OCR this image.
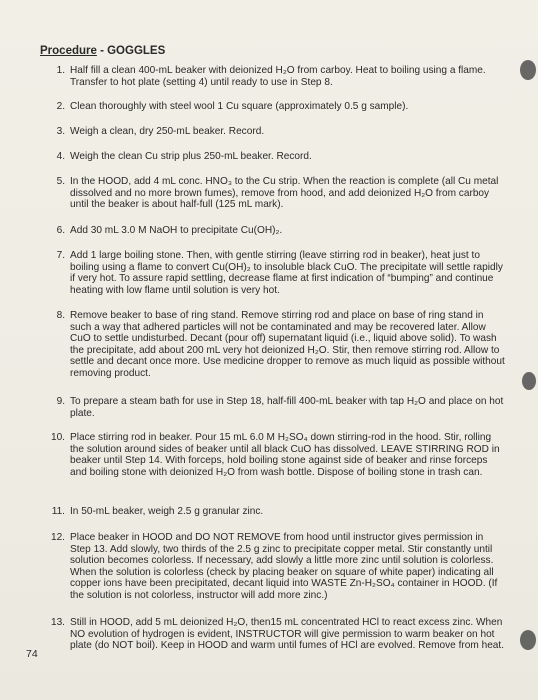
Procedure - GOGGLES
1. Half fill a clean 400-mL beaker with deionized H₂O from carboy. Heat to boiling using a flame. Transfer to hot plate (setting 4) until ready to use in Step 8.
2. Clean thoroughly with steel wool 1 Cu square (approximately 0.5 g sample).
3. Weigh a clean, dry 250-mL beaker. Record.
4. Weigh the clean Cu strip plus 250-mL beaker. Record.
5. In the HOOD, add 4 mL conc. HNO₃ to the Cu strip. When the reaction is complete (all Cu metal dissolved and no more brown fumes), remove from hood, and add deionized H₂O from carboy until the beaker is about half-full (125 mL mark).
6. Add 30 mL 3.0 M NaOH to precipitate Cu(OH)₂.
7. Add 1 large boiling stone. Then, with gentle stirring (leave stirring rod in beaker), heat just to boiling using a flame to convert Cu(OH)₂ to insoluble black CuO. The precipitate will settle rapidly if very hot. To assure rapid settling, decrease flame at first indication of “bumping” and continue heating with low flame until solution is very hot.
8. Remove beaker to base of ring stand. Remove stirring rod and place on base of ring stand in such a way that adhered particles will not be contaminated and may be recovered later. Allow CuO to settle undisturbed. Decant (pour off) supernatant liquid (i.e., liquid above solid). To wash the precipitate, add about 200 mL very hot deionized H₂O. Stir, then remove stirring rod. Allow to settle and decant once more. Use medicine dropper to remove as much liquid as possible without removing product.
9. To prepare a steam bath for use in Step 18, half-fill 400-mL beaker with tap H₂O and place on hot plate.
10. Place stirring rod in beaker. Pour 15 mL 6.0 M H₂SO₄ down stirring-rod in the hood. Stir, rolling the solution around sides of beaker until all black CuO has dissolved. LEAVE STIRRING ROD in beaker until Step 14. With forceps, hold boiling stone against side of beaker and rinse forceps and boiling stone with deionized H₂O from wash bottle. Dispose of boiling stone in trash can.
11. In 50-mL beaker, weigh 2.5 g granular zinc.
12. Place beaker in HOOD and DO NOT REMOVE from hood until instructor gives permission in Step 13. Add slowly, two thirds of the 2.5 g zinc to precipitate copper metal. Stir constantly until solution becomes colorless. If necessary, add slowly a little more zinc until solution is colorless. When the solution is colorless (check by placing beaker on square of white paper) indicating all copper ions have been precipitated, decant liquid into WASTE Zn-H₂SO₄ container in HOOD. (If the solution is not colorless, instructor will add more zinc.)
13. Still in HOOD, add 5 mL deionized H₂O, then15 mL concentrated HCl to react excess zinc. When NO evolution of hydrogen is evident, INSTRUCTOR will give permission to warm beaker on hot plate (do NOT boil). Keep in HOOD and warm until fumes of HCl are evolved. Remove from heat.
74
